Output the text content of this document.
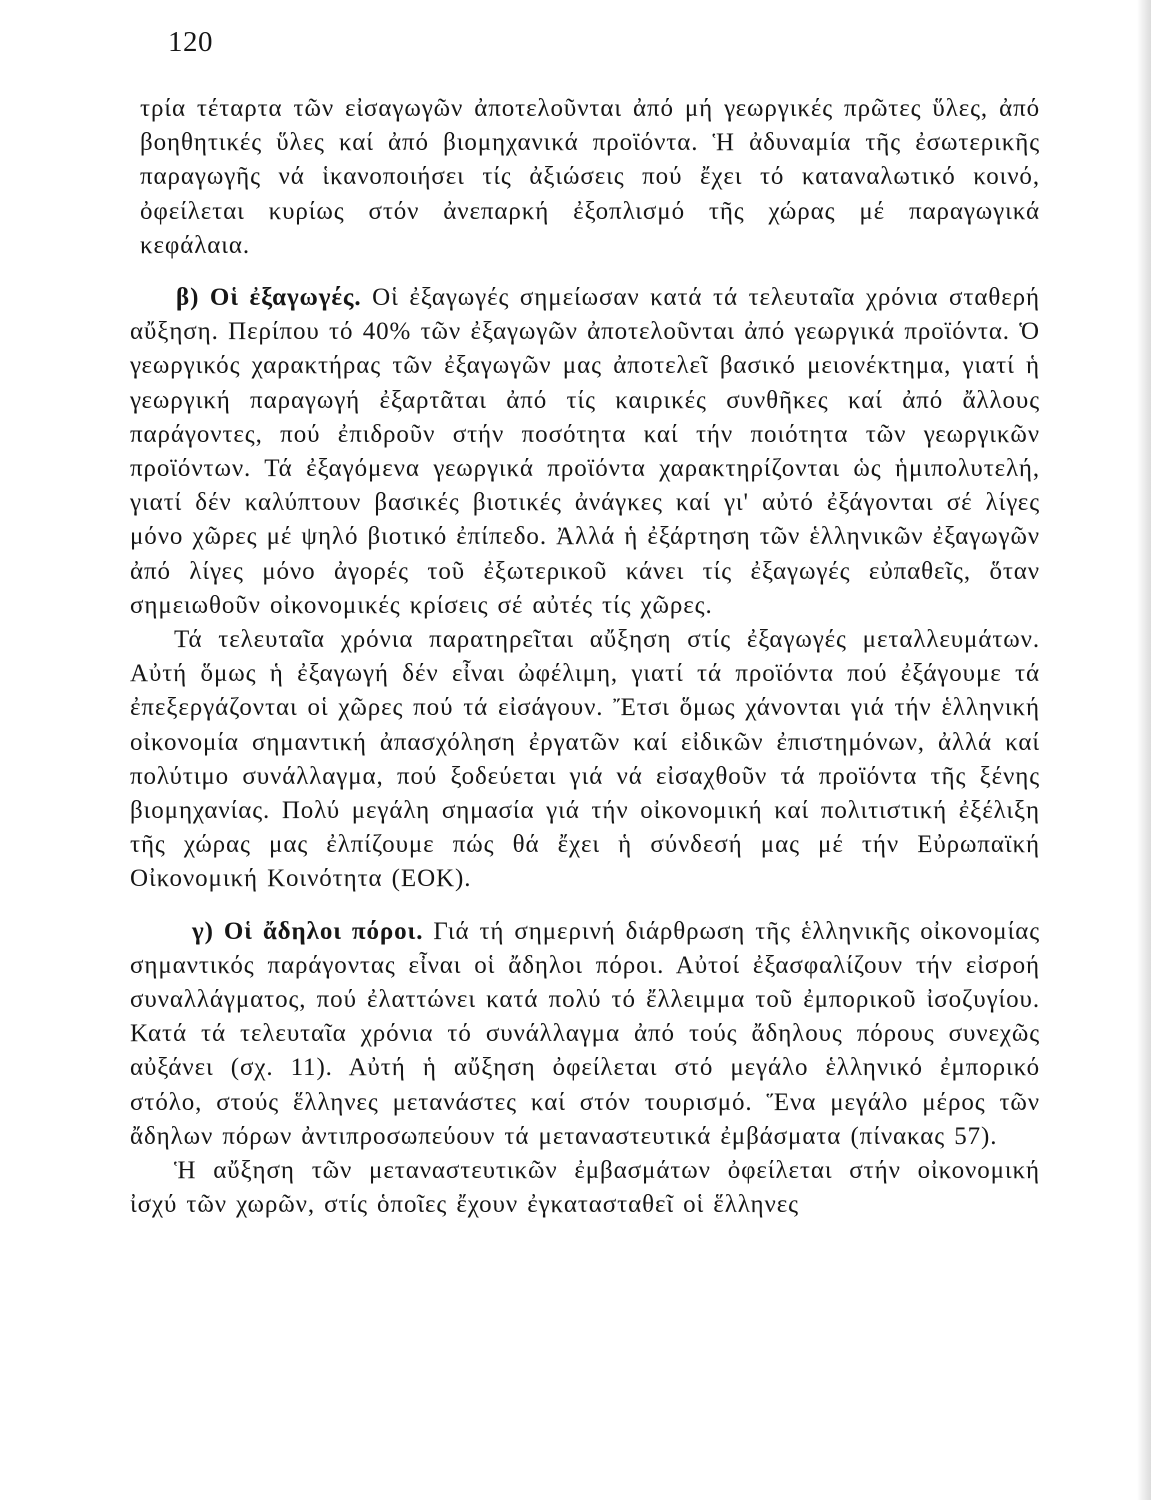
120

τρία τέταρτα τῶν εἰσαγωγῶν ἀποτελοῦνται ἀπό μή γεωργικές πρῶτες ὕλες, ἀπό βοηθητικές ὕλες καί ἀπό βιομηχανικά προϊόντα. Ἡ ἀδυναμία τῆς ἐσωτερικῆς παραγωγῆς νά ἱκανοποιήσει τίς ἀξιώσεις πού ἔχει τό καταναλωτικό κοινό, ὀφείλεται κυρίως στόν ἀνεπαρκή ἐξοπλισμό τῆς χώρας μέ παραγωγικά κεφάλαια.

β) Οἱ ἐξαγωγές. Οἱ ἐξαγωγές σημείωσαν κατά τά τελευταῖα χρόνια σταθερή αὔξηση. Περίπου τό 40% τῶν ἐξαγωγῶν ἀποτελοῦνται ἀπό γεωργικά προϊόντα. Ὁ γεωργικός χαρακτήρας τῶν ἐξαγωγῶν μας ἀποτελεῖ βασικό μειονέκτημα, γιατί ἡ γεωργική παραγωγή ἐξαρτᾶται ἀπό τίς καιρικές συνθῆκες καί ἀπό ἄλλους παράγοντες, πού ἐπιδροῦν στήν ποσότητα καί τήν ποιότητα τῶν γεωργικῶν προϊόντων. Τά ἐξαγόμενα γεωργικά προϊόντα χαρακτηρίζονται ὡς ἡμιπολυτελή, γιατί δέν καλύπτουν βασικές βιοτικές ἀνάγκες καί γι' αὐτό ἐξάγονται σέ λίγες μόνο χῶρες μέ ψηλό βιοτικό ἐπίπεδο. Ἀλλά ἡ ἐξάρτηση τῶν ἑλληνικῶν ἐξαγωγῶν ἀπό λίγες μόνο ἀγορές τοῦ ἐξωτερικοῦ κάνει τίς ἐξαγωγές εὐπαθεῖς, ὅταν σημειωθοῦν οἰκονομικές κρίσεις σέ αὐτές τίς χῶρες.

Τά τελευταῖα χρόνια παρατηρεῖται αὔξηση στίς ἐξαγωγές μεταλλευμάτων. Αὐτή ὅμως ἡ ἐξαγωγή δέν εἶναι ὠφέλιμη, γιατί τά προϊόντα πού ἐξάγουμε τά ἐπεξεργάζονται οἱ χῶρες πού τά εἰσάγουν. Ἔτσι ὅμως χάνονται γιά τήν ἑλληνική οἰκονομία σημαντική ἀπασχόληση ἐργατῶν καί εἰδικῶν ἐπιστημόνων, ἀλλά καί πολύτιμο συνάλλαγμα, πού ξοδεύεται γιά νά εἰσαχθοῦν τά προϊόντα τῆς ξένης βιομηχανίας. Πολύ μεγάλη σημασία γιά τήν οἰκονομική καί πολιτιστική ἐξέλιξη τῆς χώρας μας ἐλπίζουμε πώς θά ἔχει ἡ σύνδεσή μας μέ τήν Εὐρωπαϊκή Οἰκονομική Κοινότητα (ΕΟΚ).

γ) Οἱ ἄδηλοι πόροι. Γιά τή σημερινή διάρθρωση τῆς ἑλληνικῆς οἰκονομίας σημαντικός παράγοντας εἶναι οἱ ἄδηλοι πόροι. Αὐτοί ἐξασφαλίζουν τήν εἰσροή συναλλάγματος, πού ἐλαττώνει κατά πολύ τό ἔλλειμμα τοῦ ἐμπορικοῦ ἰσοζυγίου. Κατά τά τελευταῖα χρόνια τό συνάλλαγμα ἀπό τούς ἄδηλους πόρους συνεχῶς αὐξάνει (σχ. 11). Αὐτή ἡ αὔξηση ὀφείλεται στό μεγάλο ἑλληνικό ἐμπορικό στόλο, στούς ἕλληνες μετανάστες καί στόν τουρισμό. Ἕνα μεγάλο μέρος τῶν ἄδηλων πόρων ἀντιπροσωπεύουν τά μεταναστευτικά ἐμβάσματα (πίνακας 57).

Ἡ αὔξηση τῶν μεταναστευτικῶν ἐμβασμάτων ὀφείλεται στήν οἰκονομική ἰσχύ τῶν χωρῶν, στίς ὁποῖες ἔχουν ἐγκατασταθεῖ οἱ ἕλληνες
